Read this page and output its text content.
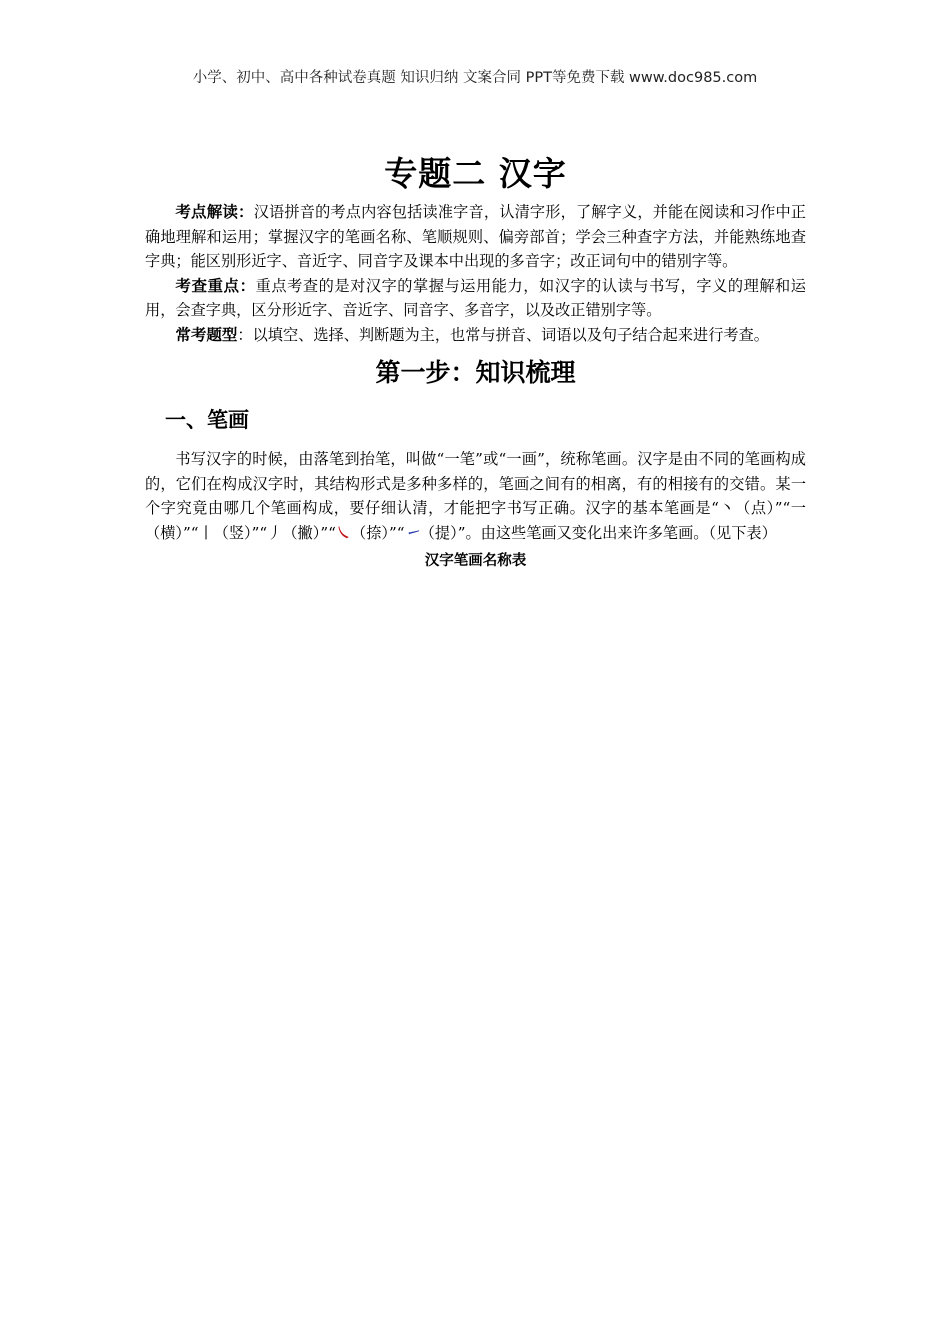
小学、初中、高中各种试卷真题 知识归纳 文案合同 PPT等免费下载 www.doc985.com
专题二 汉字

考点解读：汉语拼音的考点内容包括读准字音，认清字形，了解字义，并能在阅读和习作中正确地理解和运用；掌握汉字的笔画名称、笔顺规则、偏旁部首；学会三种查字方法，并能熟练地查字典；能区别形近字、音近字、同音字及课本中出现的多音字；改正词句中的错别字等。

考查重点：重点考查的是对汉字的掌握与运用能力，如汉字的认读与书写，字义的理解和运用，会查字典，区分形近字、音近字、同音字、多音字，以及改正错别字等。

常考题型：以填空、选择、判断题为主，也常与拼音、词语以及句子结合起来进行考查。

第一步：知识梳理
一、笔画

书写汉字的时候，由落笔到抬笔，叫做“一笔”或“一画”，统称笔画。汉字是由不同的笔画构成的，它们在构成汉字时，其结构形式是多种多样的，笔画之间有的相离，有的相接有的交错。某一个字究竟由哪几个笔画构成，要仔细认清，才能把字书写正确。汉字的基本笔画是“丶（点）”“一（横）”“丨（竖）”“丿（撇）”“㇏（捺）”“㇀（提）”。由这些笔画又变化出来许多笔画。（见下表）

汉字笔画名称表
